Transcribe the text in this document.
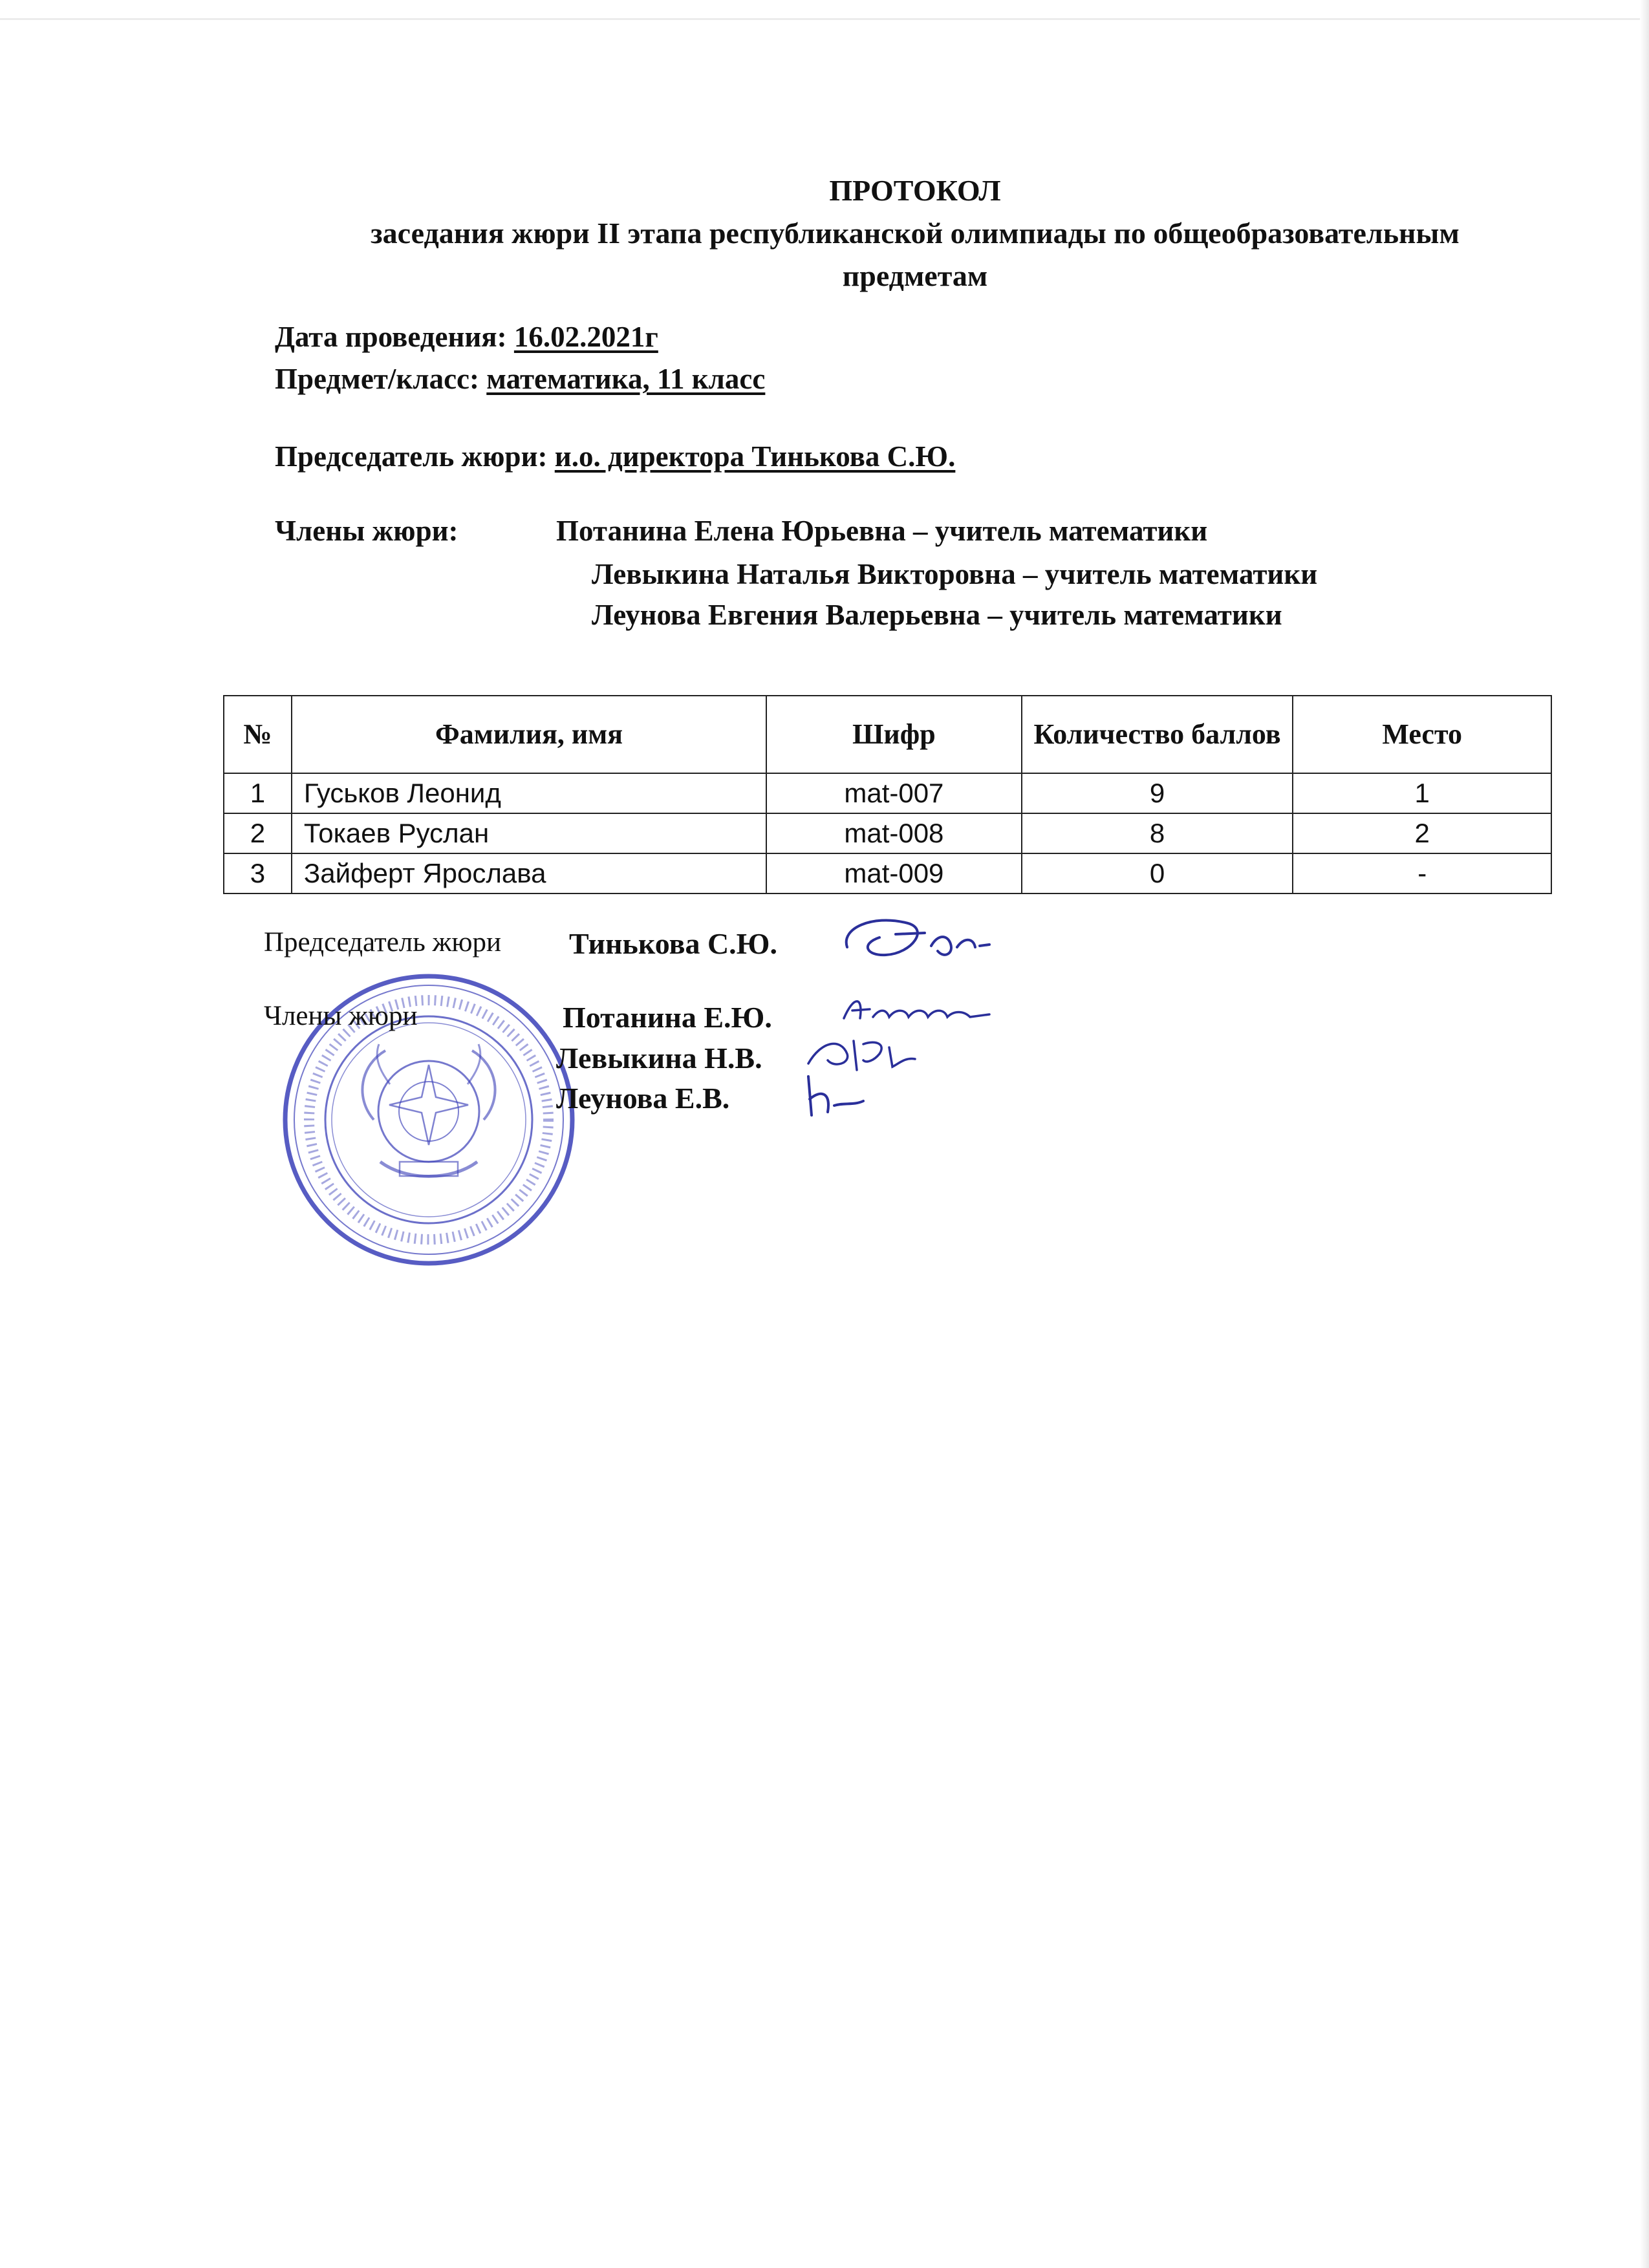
ПРОТОКОЛ
заседания жюри II этапа республиканской олимпиады по общеобразовательным
предметам
Дата проведения: 16.02.2021г
Предмет/класс: математика, 11 класс
Председатель жюри: и.о. директора Тинькова С.Ю.
Члены жюри:	Потанина Елена Юрьевна – учитель математики
Левыкина Наталья Викторовна – учитель математики
Леунова Евгения Валерьевна – учитель математики
№	Фамилия, имя	Шифр	Количество баллов	Место
1	Гуськов Леонид	mat-007	9	1
2	Токаев Руслан	mat-008	8	2
3	Зайферт Ярослава	mat-009	0	-
Председатель жюри Тинькова С.Ю.
Члены жюри	Потанина Е.Ю.
Левыкина Н.В.
Леунова Е.В.
